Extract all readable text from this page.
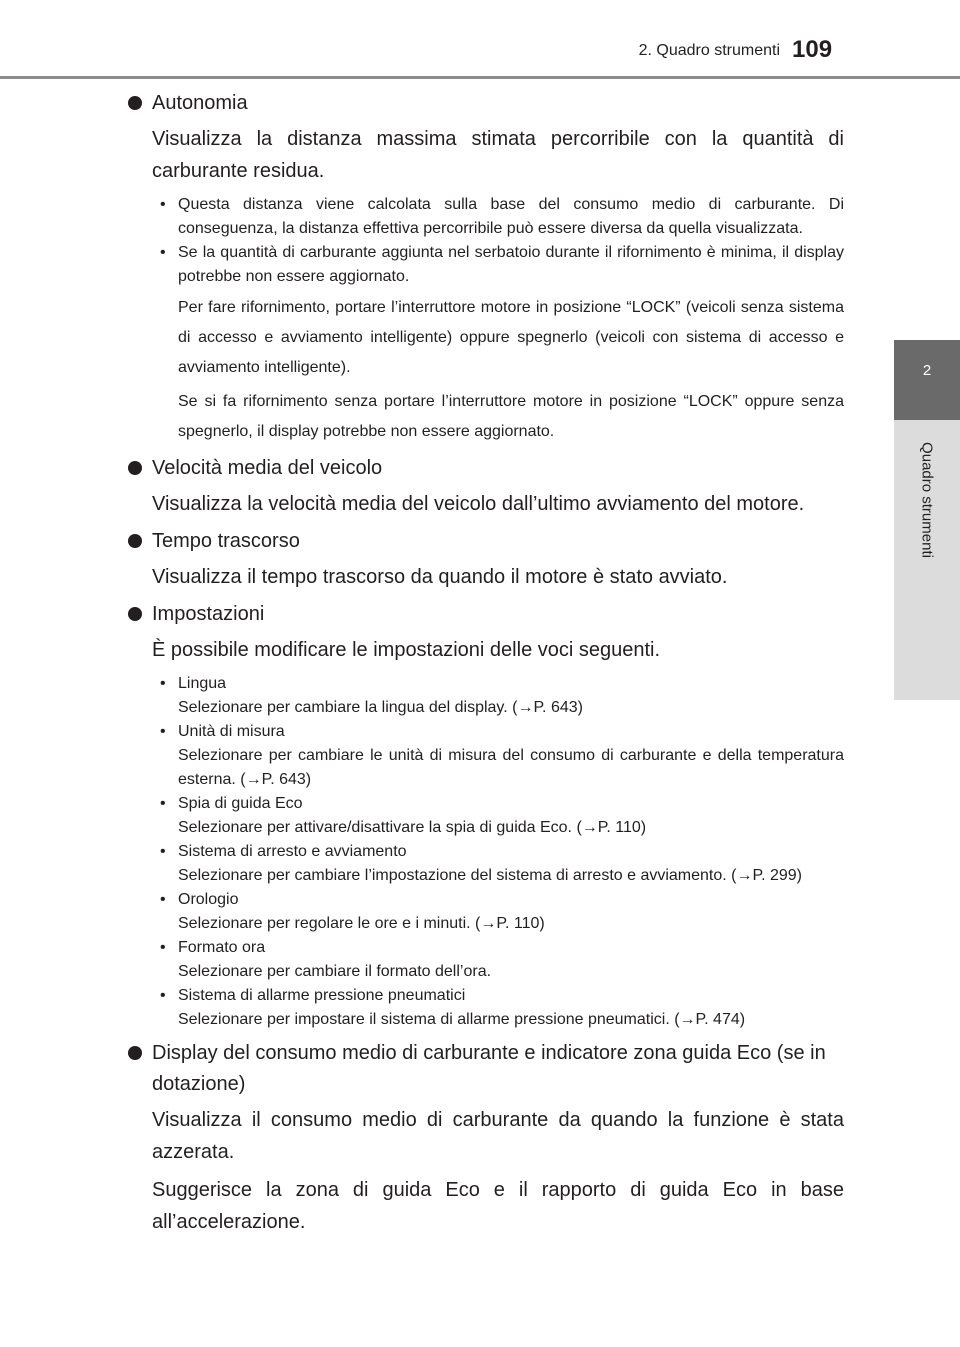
2. Quadro strumenti 109
2
Quadro strumenti
Autonomia

Visualizza la distanza massima stimata percorribile con la quantità di carburante residua.

• Questa distanza viene calcolata sulla base del consumo medio di carburante. Di conseguenza, la distanza effettiva percorribile può essere diversa da quella visualizzata.

• Se la quantità di carburante aggiunta nel serbatoio durante il rifornimento è minima, il display potrebbe non essere aggiornato.

Per fare rifornimento, portare l’interruttore motore in posizione “LOCK” (veicoli senza sistema di accesso e avviamento intelligente) oppure spegnerlo (veicoli con sistema di accesso e avviamento intelligente).

Se si fa rifornimento senza portare l’interruttore motore in posizione “LOCK” oppure senza spegnerlo, il display potrebbe non essere aggiornato.

Velocità media del veicolo

Visualizza la velocità media del veicolo dall’ultimo avviamento del motore.

Tempo trascorso

Visualizza il tempo trascorso da quando il motore è stato avviato.

Impostazioni

È possibile modificare le impostazioni delle voci seguenti.

• Lingua
Selezionare per cambiare la lingua del display. (→P. 643)

• Unità di misura
Selezionare per cambiare le unità di misura del consumo di carburante e della temperatura esterna. (→P. 643)

• Spia di guida Eco
Selezionare per attivare/disattivare la spia di guida Eco. (→P. 110)

• Sistema di arresto e avviamento
Selezionare per cambiare l’impostazione del sistema di arresto e avviamento. (→P. 299)

• Orologio
Selezionare per regolare le ore e i minuti. (→P. 110)

• Formato ora
Selezionare per cambiare il formato dell’ora.

• Sistema di allarme pressione pneumatici
Selezionare per impostare il sistema di allarme pressione pneumatici. (→P. 474)

Display del consumo medio di carburante e indicatore zona guida Eco (se in dotazione)

Visualizza il consumo medio di carburante da quando la funzione è stata azzerata.

Suggerisce la zona di guida Eco e il rapporto di guida Eco in base all’accelerazione.
